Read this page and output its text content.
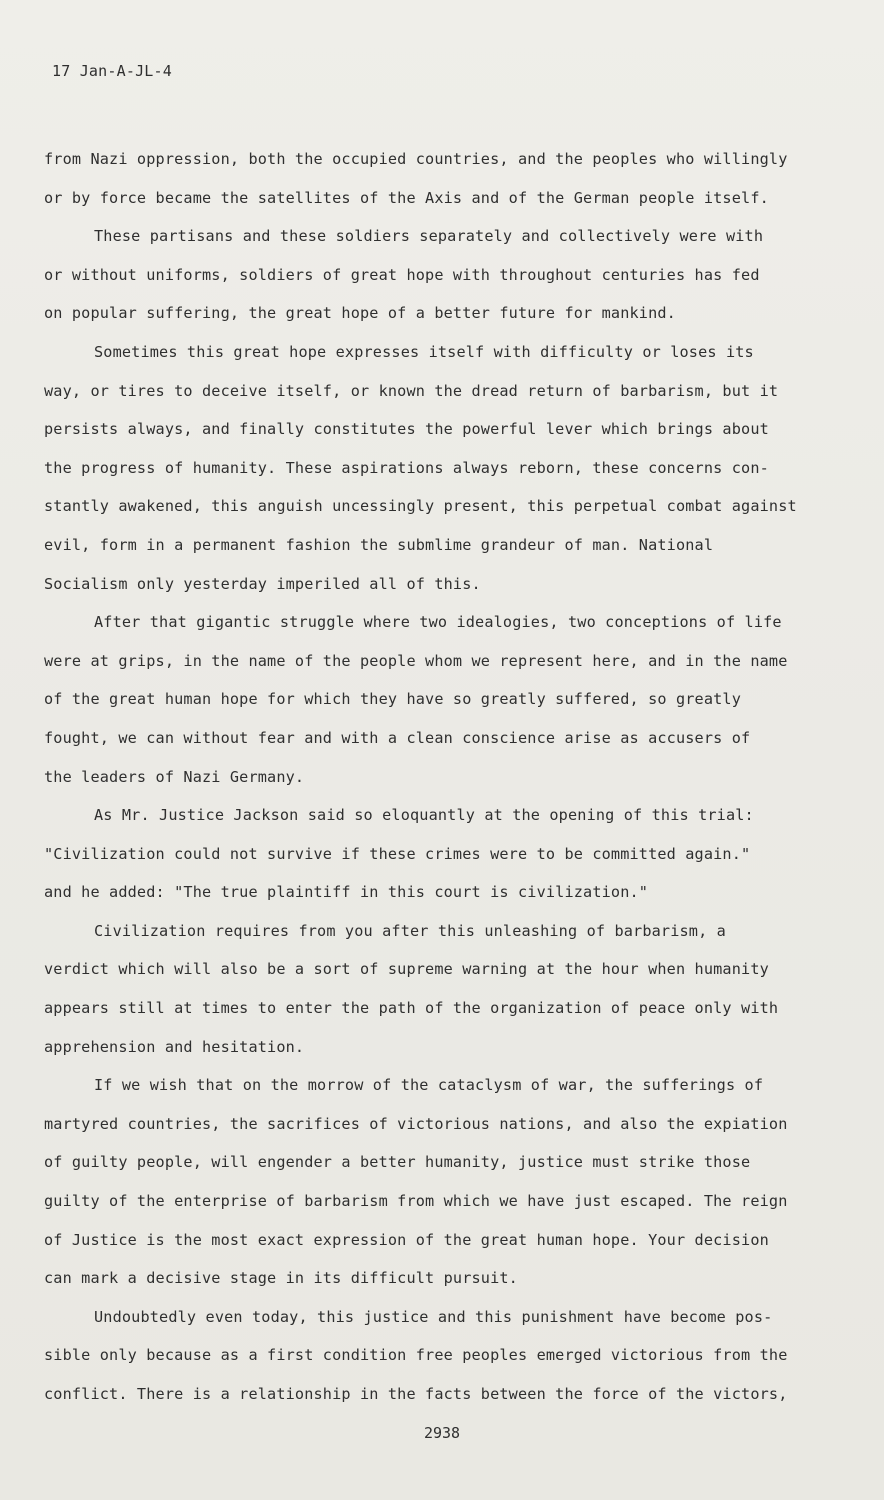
17 Jan-A-JL-4
from Nazi oppression, both the occupied countries, and the peoples who willingly
or by force became the satellites of the Axis and of the German people itself.
These partisans and these soldiers separately and collectively were with
or without uniforms, soldiers of great hope with throughout centuries has fed
on popular suffering, the great hope of a better future for mankind.
Sometimes this great hope expresses itself with difficulty or loses its
way, or tires to deceive itself, or known the dread return of barbarism, but it
persists always, and finally constitutes the powerful lever which brings about
the progress of humanity. These aspirations always reborn, these concerns con-
stantly awakened, this anguish uncessingly present, this perpetual combat against
evil, form in a permanent fashion the submlime grandeur of man. National
Socialism only yesterday imperiled all of this.
After that gigantic struggle where two idealogies, two conceptions of life
were at grips, in the name of the people whom we represent here, and in the name
of the great human hope for which they have so greatly suffered, so greatly
fought, we can without fear and with a clean conscience arise as accusers of
the leaders of Nazi Germany.
As Mr. Justice Jackson said so eloquantly at the opening of this trial:
"Civilization could not survive if these crimes were to be committed again."
and he added: "The true plaintiff in this court is civilization."
Civilization requires from you after this unleashing of barbarism, a
verdict which will also be a sort of supreme warning at the hour when humanity
appears still at times to enter the path of the organization of peace only with
apprehension and hesitation.
If we wish that on the morrow of the cataclysm of war, the sufferings of
martyred countries, the sacrifices of victorious nations, and also the expiation
of guilty people, will engender a better humanity, justice must strike those
guilty of the enterprise of barbarism from which we have just escaped. The reign
of Justice is the most exact expression of the great human hope. Your decision
can mark a decisive stage in its difficult pursuit.
Undoubtedly even today, this justice and this punishment have become pos-
sible only because as a first condition free peoples emerged victorious from the
conflict. There is a relationship in the facts between the force of the victors,
2938
